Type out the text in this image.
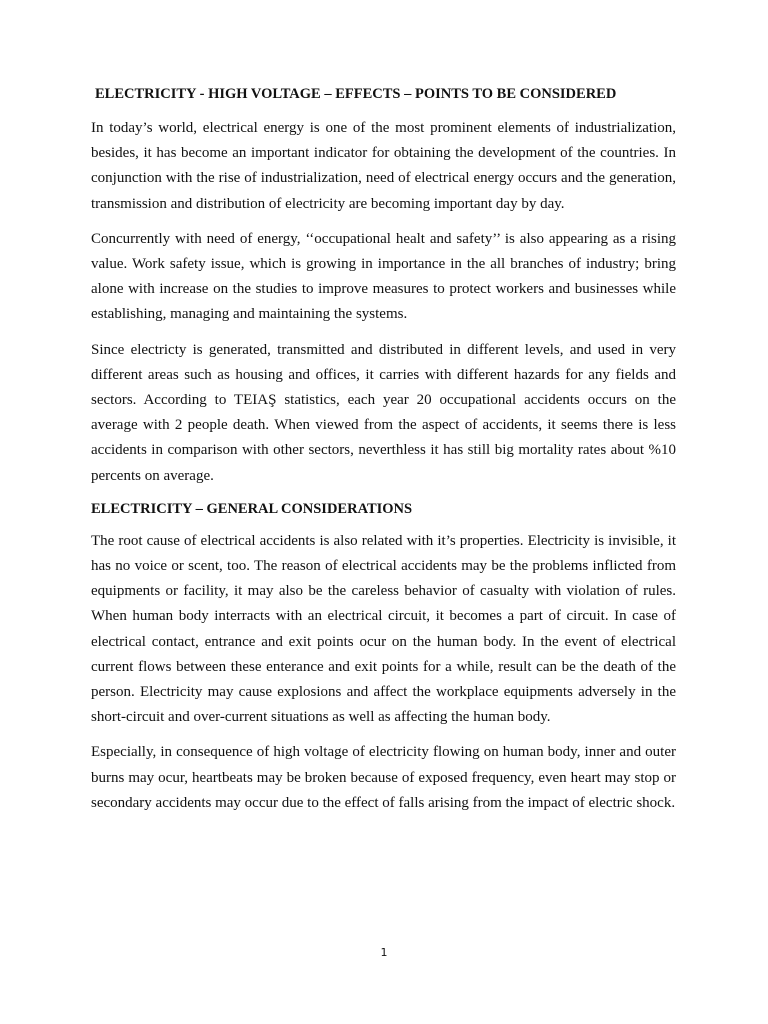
ELECTRICITY - HIGH VOLTAGE – EFFECTS – POINTS TO BE CONSIDERED

In today’s world, electrical energy is one of the most prominent elements of industrialization, besides, it has become an important indicator for obtaining the development of the countries. In conjunction with the rise of industrialization, need of electrical energy occurs and the generation, transmission and distribution of electricity are becoming important day by day.

Concurrently with need of energy, ‘‘occupational healt and safety’’ is also appearing as a rising value. Work safety issue, which is growing in importance in the all branches of industry; bring alone with increase on the studies to improve measures to protect workers and businesses while establishing, managing and maintaining the systems.

Since electricty is generated, transmitted and distributed in different levels, and used in very different areas such as housing and offices, it carries with different hazards for any fields and sectors. According to TEIAŞ statistics, each year 20 occupational accidents occurs on the average with 2 people death. When viewed from the aspect of accidents, it seems there is less accidents in comparison with other sectors, neverthless it has still big mortality rates about %10 percents on average.

ELECTRICITY – GENERAL CONSIDERATIONS

The root cause of electrical accidents is also related with it’s properties. Electricity is invisible, it has no voice or scent, too. The reason of electrical accidents may be the problems inflicted from equipments or facility, it may also be the careless behavior of casualty with violation of rules. When human body interracts with an electrical circuit, it becomes a part of circuit. In case of electrical contact, entrance and exit points ocur on the human body. In the event of electrical current flows between these enterance and exit points for a while, result can be the death of the person. Electricity may cause explosions and affect the workplace equipments adversely in the short-circuit and over-current situations as well as affecting the human body.

Especially, in consequence of high voltage of electricity flowing on human body, inner and outer burns may ocur, heartbeats may be broken because of exposed frequency, even heart may stop or secondary accidents may occur due to the effect of falls arising from the impact of electric shock.

1
